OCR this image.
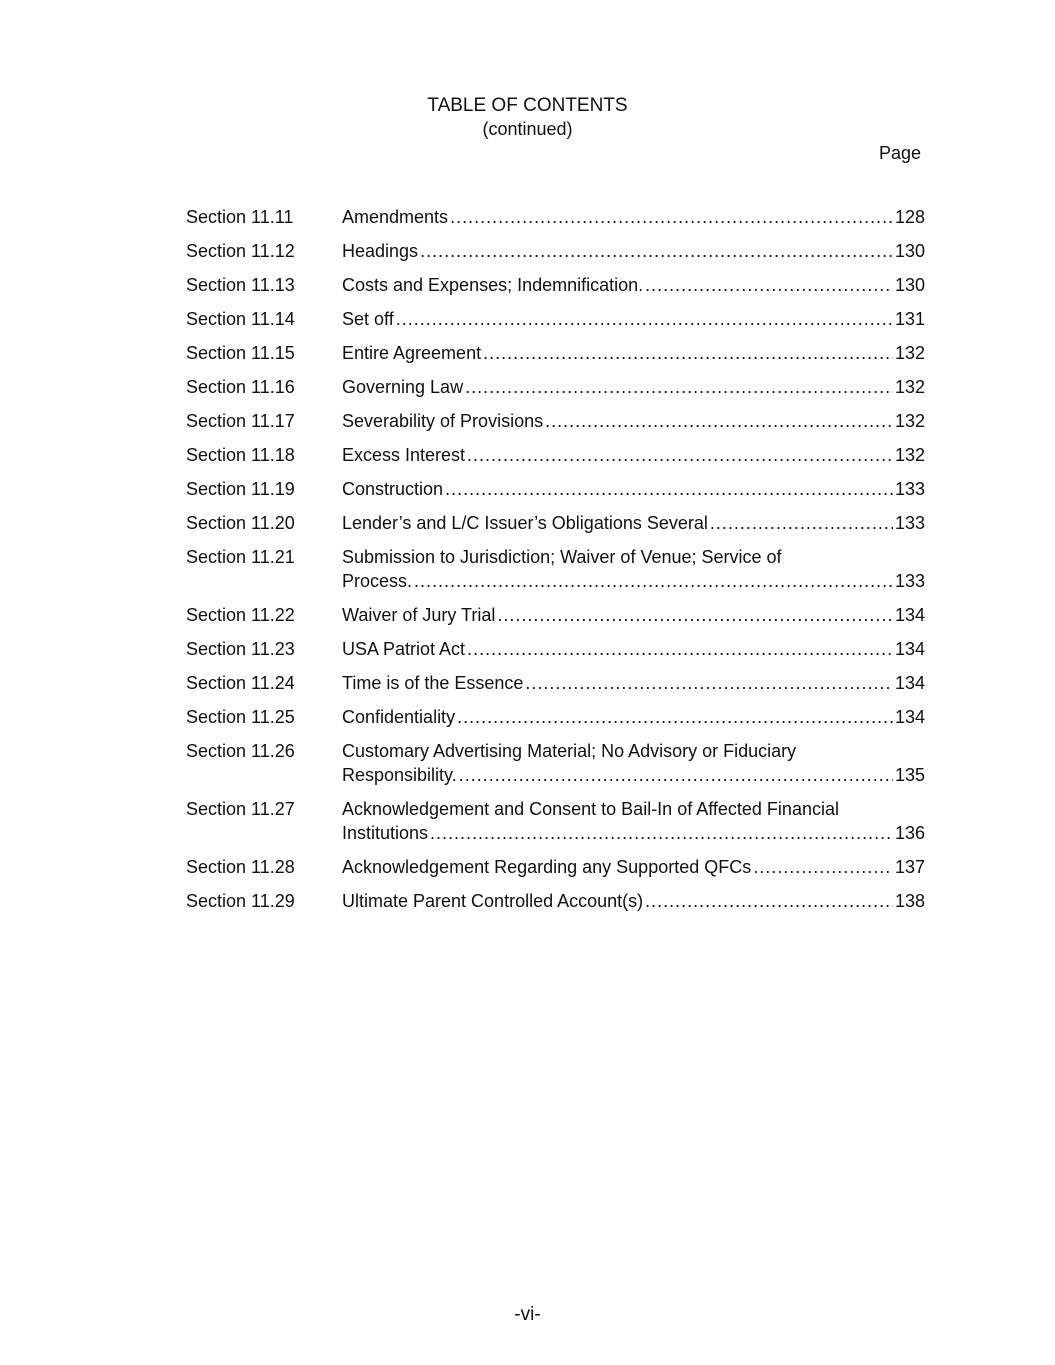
TABLE OF CONTENTS
(continued)
Page
Section 11.11	Amendments .....	128
Section 11.12	Headings .....	130
Section 11.13	Costs and Expenses; Indemnification. .....	130
Section 11.14	Set off .....	131
Section 11.15	Entire Agreement .....	132
Section 11.16	Governing Law .....	132
Section 11.17	Severability of Provisions .....	132
Section 11.18	Excess Interest .....	132
Section 11.19	Construction .....	133
Section 11.20	Lender’s and L/C Issuer’s Obligations Several .....	133
Section 11.21	Submission to Jurisdiction; Waiver of Venue; Service of
Process. .....	133
Section 11.22	Waiver of Jury Trial .....	134
Section 11.23	USA Patriot Act .....	134
Section 11.24	Time is of the Essence .....	134
Section 11.25	Confidentiality .....	134
Section 11.26	Customary Advertising Material; No Advisory or Fiduciary
Responsibility. .....	135
Section 11.27	Acknowledgement and Consent to Bail-In of Affected Financial
Institutions .....	136
Section 11.28	Acknowledgement Regarding any Supported QFCs .....	137
Section 11.29	Ultimate Parent Controlled Account(s) .....	138
-vi-
